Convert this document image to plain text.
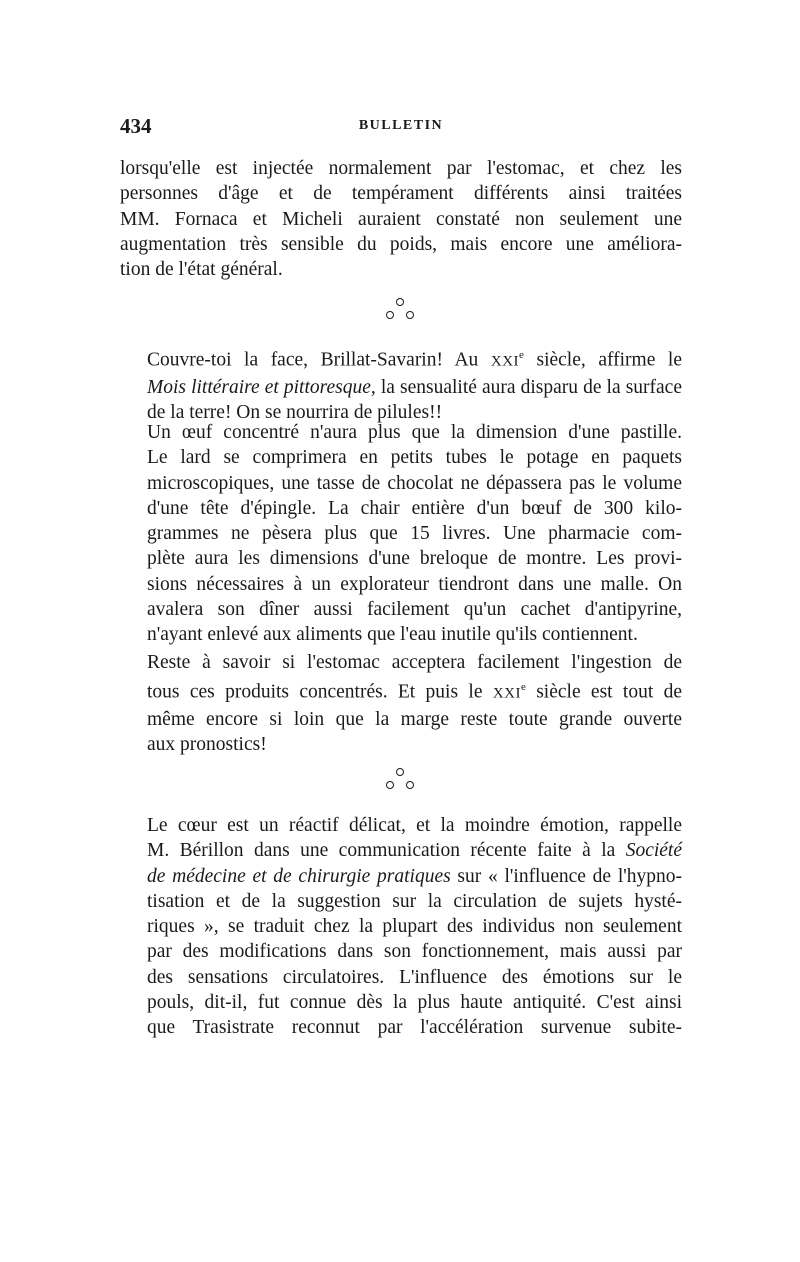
434	BULLETIN

lorsqu'elle est injectée normalement par l'estomac, et chez les
personnes d'âge et de tempérament différents ainsi traitées
MM. Fornaca et Micheli auraient constaté non seulement une
augmentation très sensible du poids, mais encore une améliora-
tion de l'état général.

Couvre-toi la face, Brillat-Savarin! Au XXIe siècle, affirme le
Mois littéraire et pittoresque, la sensualité aura disparu de la surface
de la terre! On se nourrira de pilules!!

Un œuf concentré n'aura plus que la dimension d'une pastille.
Le lard se comprimera en petits tubes le potage en paquets
microscopiques, une tasse de chocolat ne dépassera pas le volume
d'une tête d'épingle. La chair entière d'un bœuf de 300 kilo-
grammes ne pèsera plus que 15 livres. Une pharmacie com-
plète aura les dimensions d'une breloque de montre. Les provi-
sions nécessaires à un explorateur tiendront dans une malle. On
avalera son dîner aussi facilement qu'un cachet d'antipyrine,
n'ayant enlevé aux aliments que l'eau inutile qu'ils contiennent.

Reste à savoir si l'estomac acceptera facilement l'ingestion de
tous ces produits concentrés. Et puis le XXIe siècle est tout de
même encore si loin que la marge reste toute grande ouverte
aux pronostics!

Le cœur est un réactif délicat, et la moindre émotion, rappelle
M. Bérillon dans une communication récente faite à la Société
de médecine et de chirurgie pratiques sur « l'influence de l'hypno-
tisation et de la suggestion sur la circulation de sujets hysté-
riques », se traduit chez la plupart des individus non seulement
par des modifications dans son fonctionnement, mais aussi par
des sensations circulatoires. L'influence des émotions sur le
pouls, dit-il, fut connue dès la plus haute antiquité. C'est ainsi
que Trasistrate reconnut par l'accélération survenue subite-
